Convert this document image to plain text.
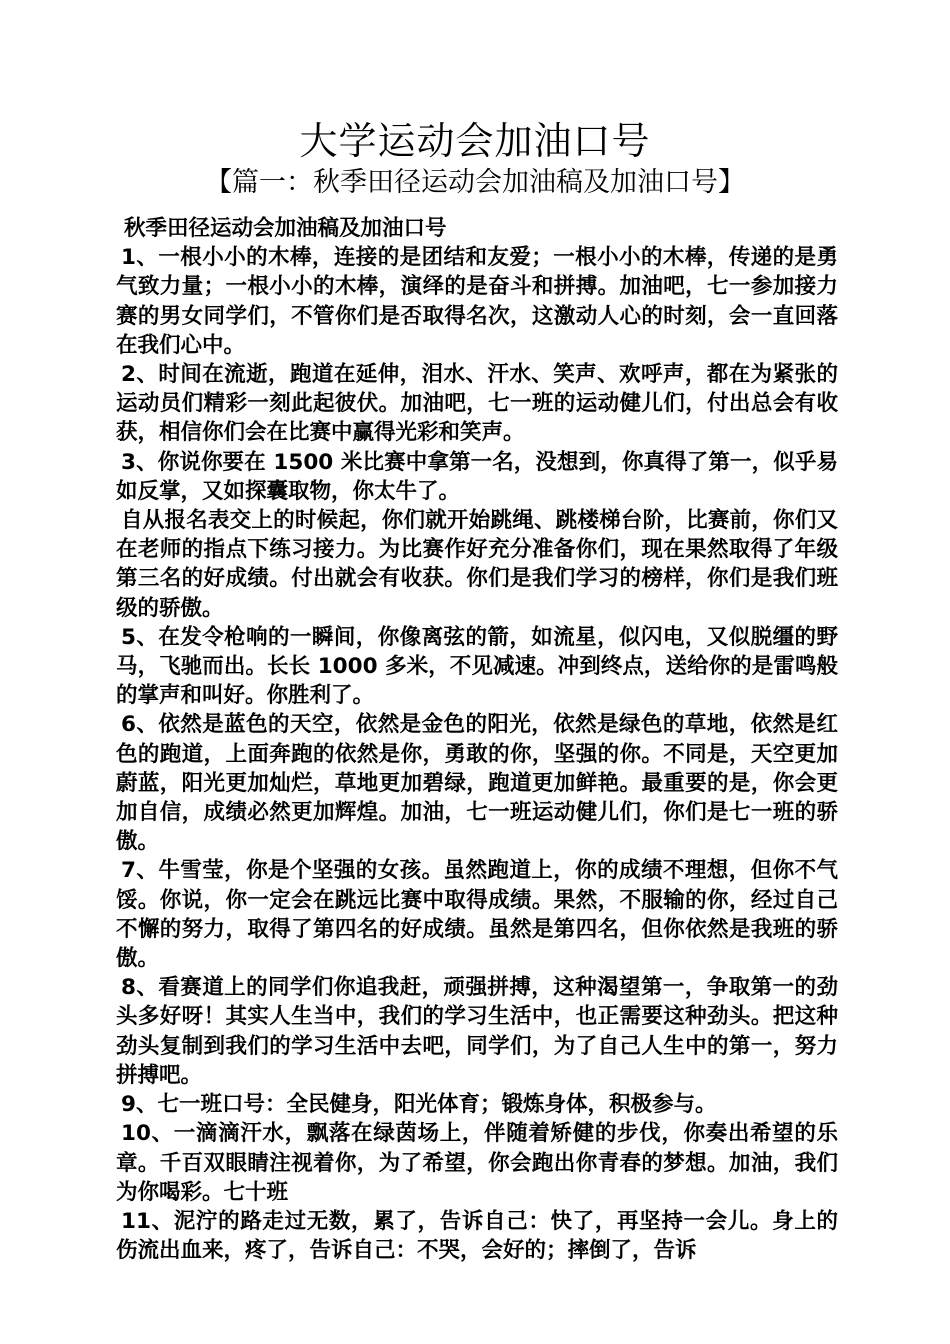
大学运动会加油口号
【篇一：秋季田径运动会加油稿及加油口号】

秋季田径运动会加油稿及加油口号

1、一根小小的木棒，连接的是团结和友爱；一根小小的木棒，传递的是勇气致力量；一根小小的木棒，演绎的是奋斗和拼搏。加油吧，七一参加接力赛的男女同学们，不管你们是否取得名次，这激动人心的时刻，会一直回落在我们心中。

2、时间在流逝，跑道在延伸，泪水、汗水、笑声、欢呼声，都在为紧张的运动员们精彩一刻此起彼伏。加油吧，七一班的运动健儿们，付出总会有收获，相信你们会在比赛中赢得光彩和笑声。

3、你说你要在 1500 米比赛中拿第一名，没想到，你真得了第一，似乎易如反掌，又如探囊取物，你太牛了。

自从报名表交上的时候起，你们就开始跳绳、跳楼梯台阶，比赛前，你们又在老师的指点下练习接力。为比赛作好充分准备你们，现在果然取得了年级第三名的好成绩。付出就会有收获。你们是我们学习的榜样，你们是我们班级的骄傲。

5、在发令枪响的一瞬间，你像离弦的箭，如流星，似闪电，又似脱缰的野马，飞驰而出。长长 1000 多米，不见减速。冲到终点，送给你的是雷鸣般的掌声和叫好。你胜利了。

6、依然是蓝色的天空，依然是金色的阳光，依然是绿色的草地，依然是红色的跑道，上面奔跑的依然是你，勇敢的你，坚强的你。不同是，天空更加蔚蓝，阳光更加灿烂，草地更加碧绿，跑道更加鲜艳。最重要的是，你会更加自信，成绩必然更加辉煌。加油，七一班运动健儿们，你们是七一班的骄傲。

7、牛雪莹，你是个坚强的女孩。虽然跑道上，你的成绩不理想，但你不气馁。你说，你一定会在跳远比赛中取得成绩。果然，不服输的你，经过自己不懈的努力，取得了第四名的好成绩。虽然是第四名，但你依然是我班的骄傲。

8、看赛道上的同学们你追我赶，顽强拼搏，这种渴望第一，争取第一的劲头多好呀！其实人生当中，我们的学习生活中，也正需要这种劲头。把这种劲头复制到我们的学习生活中去吧，同学们，为了自己人生中的第一，努力拼搏吧。

9、七一班口号：全民健身，阳光体育；锻炼身体，积极参与。

10、一滴滴汗水，飘落在绿茵场上，伴随着矫健的步伐，你奏出希望的乐章。千百双眼睛注视着你，为了希望，你会跑出你青春的梦想。加油，我们为你喝彩。七十班

11、泥泞的路走过无数，累了，告诉自己：快了，再坚持一会儿。身上的伤流出血来，疼了，告诉自己：不哭，会好的；摔倒了，告诉
